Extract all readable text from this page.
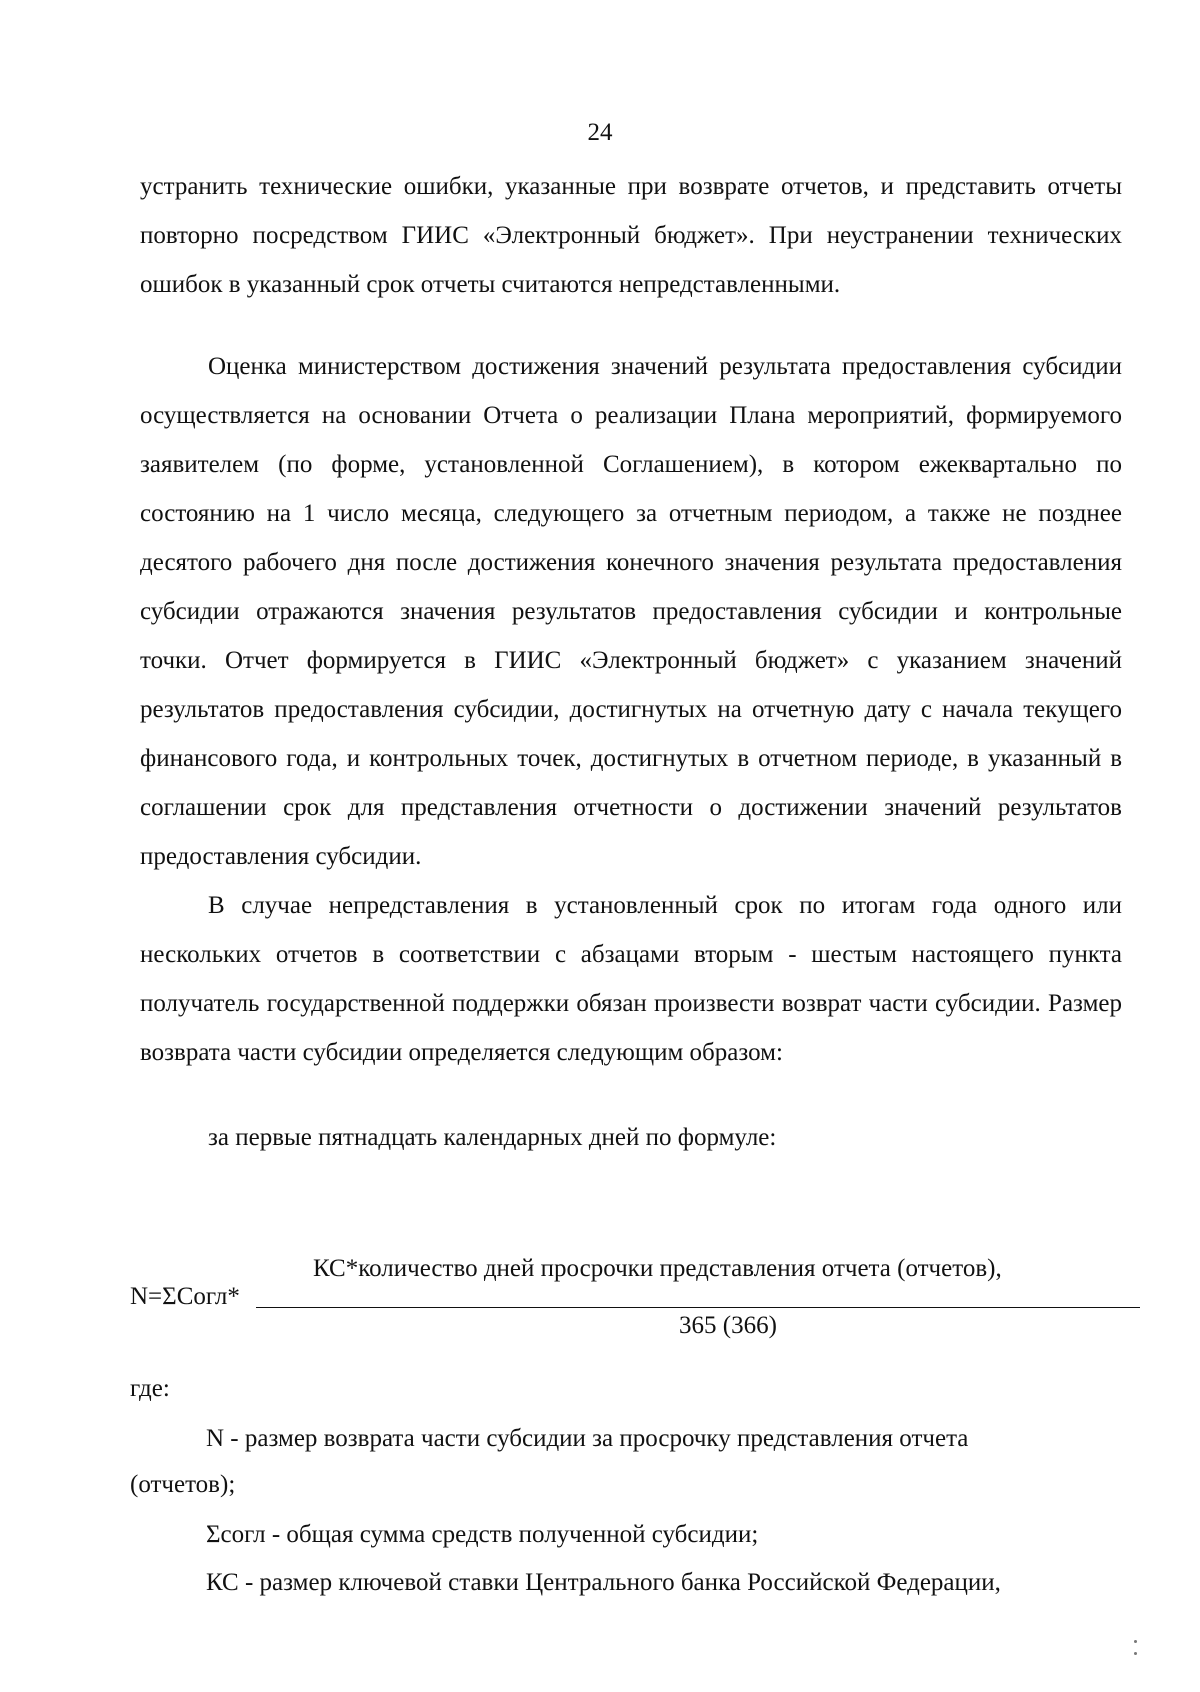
24

устранить технические ошибки, указанные при возврате отчетов, и представить отчеты повторно посредством ГИИС «Электронный бюджет». При неустранении технических ошибок в указанный срок отчеты считаются непредставленными.

Оценка министерством достижения значений результата предоставления субсидии осуществляется на основании Отчета о реализации Плана мероприятий, формируемого заявителем (по форме, установленной Соглашением), в котором ежеквартально по состоянию на 1 число месяца, следующего за отчетным периодом, а также не позднее десятого рабочего дня после достижения конечного значения результата предоставления субсидии отражаются значения результатов предоставления субсидии и контрольные точки. Отчет формируется в ГИИС «Электронный бюджет» с указанием значений результатов предоставления субсидии, достигнутых на отчетную дату с начала текущего финансового года, и контрольных точек, достигнутых в отчетном периоде, в указанный в соглашении срок для представления отчетности о достижении значений результатов предоставления субсидии.

В случае непредставления в установленный срок по итогам года одного или нескольких отчетов в соответствии с абзацами вторым - шестым настоящего пункта получатель государственной поддержки обязан произвести возврат части субсидии. Размер возврата части субсидии определяется следующим образом:

за первые пятнадцать календарных дней по формуле:
N=ΣСогл*
КС*количество дней просрочки представления отчета (отчетов),
365 (366)
где:
N - размер возврата части субсидии за просрочку представления отчета
(отчетов);
Σсогл - общая сумма средств полученной субсидии;
КС - размер ключевой ставки Центрального банка Российской Федерации,
